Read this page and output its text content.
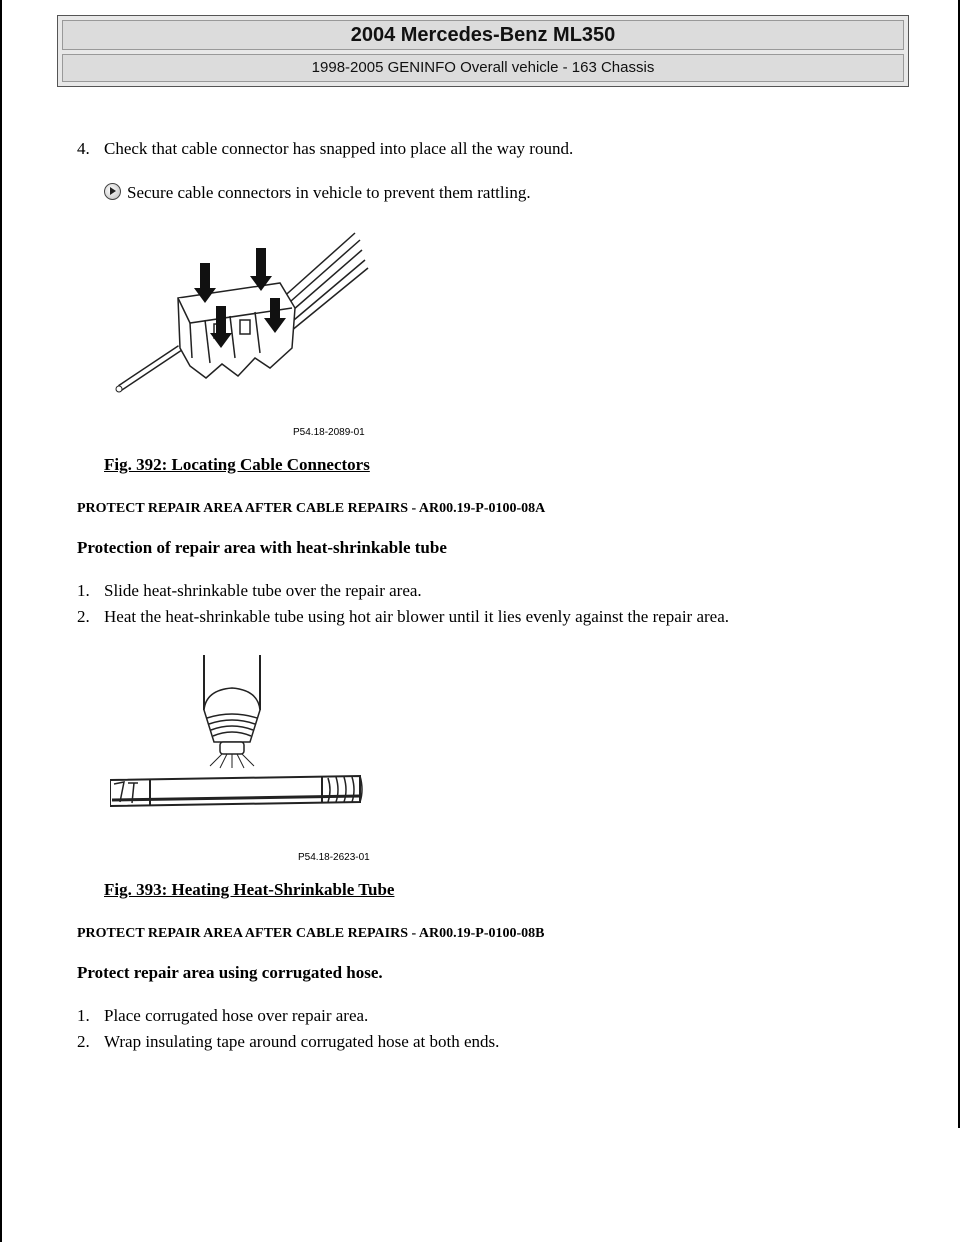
2004 Mercedes-Benz ML350
1998-2005 GENINFO Overall vehicle - 163 Chassis
4. Check that cable connector has snapped into place all the way round.
Secure cable connectors in vehicle to prevent them rattling.
P54.18-2089-01
Fig. 392: Locating Cable Connectors
PROTECT REPAIR AREA AFTER CABLE REPAIRS - AR00.19-P-0100-08A
Protection of repair area with heat-shrinkable tube
1. Slide heat-shrinkable tube over the repair area.
2. Heat the heat-shrinkable tube using hot air blower until it lies evenly against the repair area.
P54.18-2623-01
Fig. 393: Heating Heat-Shrinkable Tube
PROTECT REPAIR AREA AFTER CABLE REPAIRS - AR00.19-P-0100-08B
Protect repair area using corrugated hose.
1. Place corrugated hose over repair area.
2. Wrap insulating tape around corrugated hose at both ends.
